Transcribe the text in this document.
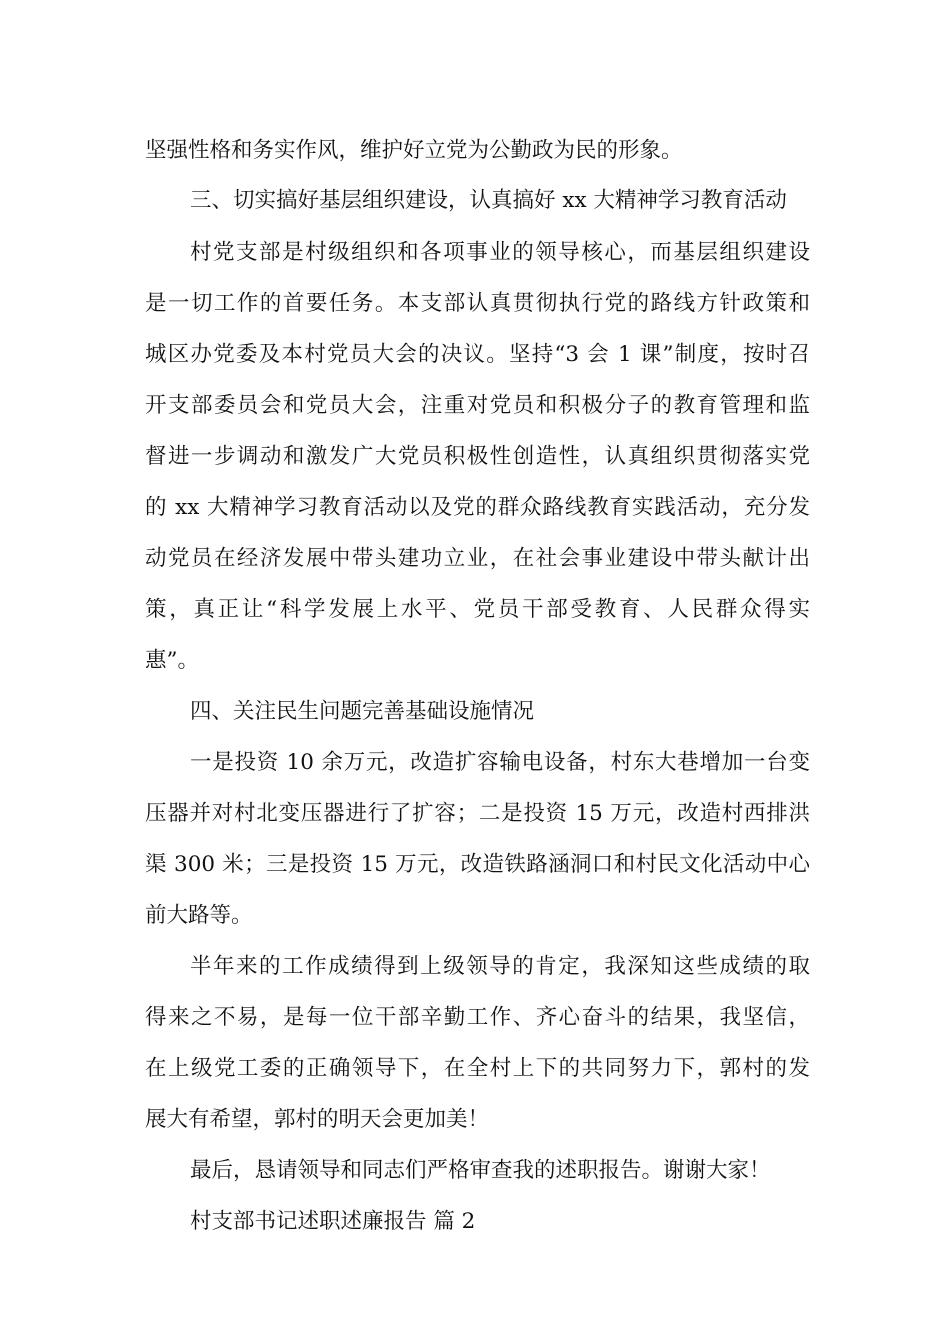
坚强性格和务实作风，维护好立党为公勤政为民的形象。
三、切实搞好基层组织建设，认真搞好 xx 大精神学习教育活动
村党支部是村级组织和各项事业的领导核心，而基层组织建设
是一切工作的首要任务。本支部认真贯彻执行党的路线方针政策和
城区办党委及本村党员大会的决议。坚持“3 会 1 课”制度，按时召
开支部委员会和党员大会，注重对党员和积极分子的教育管理和监
督进一步调动和激发广大党员积极性创造性，认真组织贯彻落实党
的 xx 大精神学习教育活动以及党的群众路线教育实践活动，充分发
动党员在经济发展中带头建功立业，在社会事业建设中带头献计出
策，真正让“科学发展上水平、党员干部受教育、人民群众得实
惠”。
四、关注民生问题完善基础设施情况
一是投资 10 余万元，改造扩容输电设备，村东大巷增加一台变
压器并对村北变压器进行了扩容；二是投资 15 万元，改造村西排洪
渠 300 米；三是投资 15 万元，改造铁路涵洞口和村民文化活动中心
前大路等。
半年来的工作成绩得到上级领导的肯定，我深知这些成绩的取
得来之不易，是每一位干部辛勤工作、齐心奋斗的结果，我坚信，
在上级党工委的正确领导下，在全村上下的共同努力下，郭村的发
展大有希望，郭村的明天会更加美！
最后，恳请领导和同志们严格审查我的述职报告。谢谢大家！
村支部书记述职述廉报告 篇 2
